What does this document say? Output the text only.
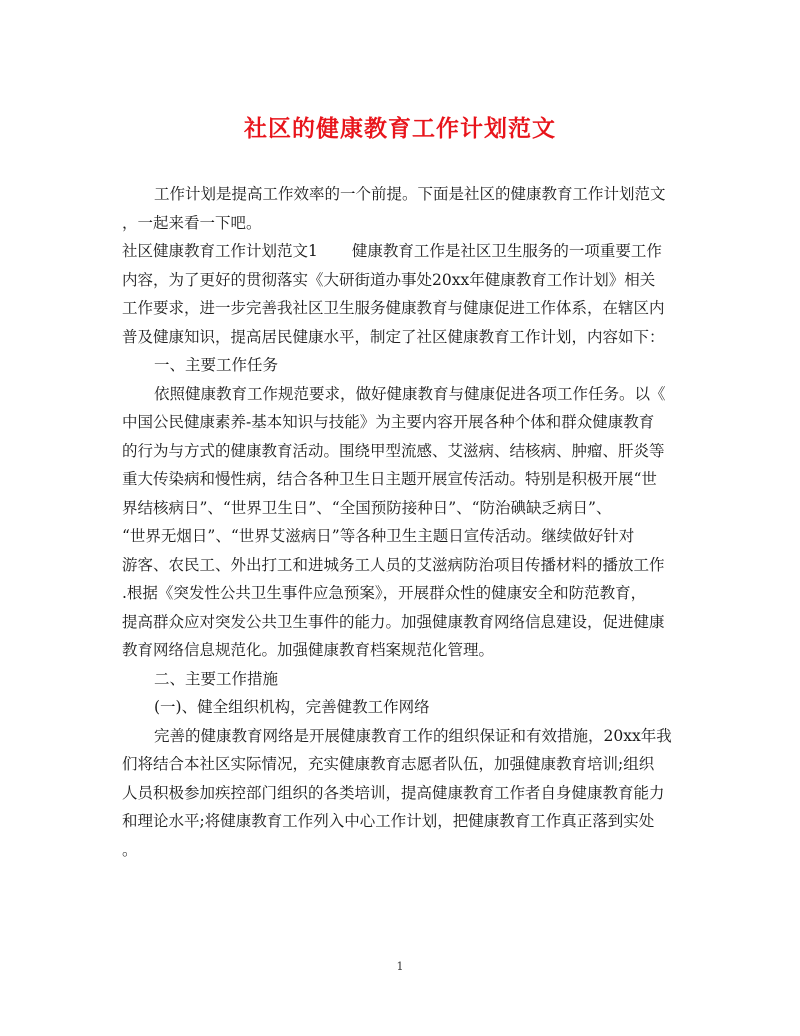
社区的健康教育工作计划范文
工作计划是提高工作效率的一个前提。下面是社区的健康教育工作计划范文
，一起来看一下吧。
社区健康教育工作计划范文1 健康教育工作是社区卫生服务的一项重要工作
内容，为了更好的贯彻落实《大研街道办事处20xx年健康教育工作计划》相关
工作要求，进一步完善我社区卫生服务健康教育与健康促进工作体系，在辖区内
普及健康知识，提高居民健康水平，制定了社区健康教育工作计划，内容如下：
一、主要工作任务
依照健康教育工作规范要求，做好健康教育与健康促进各项工作任务。以《
中国公民健康素养-基本知识与技能》为主要内容开展各种个体和群众健康教育
的行为与方式的健康教育活动。围绕甲型流感、艾滋病、结核病、肿瘤、肝炎等
重大传染病和慢性病，结合各种卫生日主题开展宣传活动。特别是积极开展“世
界结核病日”、“世界卫生日”、“全国预防接种日”、“防治碘缺乏病日”、
“世界无烟日”、“世界艾滋病日”等各种卫生主题日宣传活动。继续做好针对
游客、农民工、外出打工和进城务工人员的艾滋病防治项目传播材料的播放工作
.根据《突发性公共卫生事件应急预案》，开展群众性的健康安全和防范教育，
提高群众应对突发公共卫生事件的能力。加强健康教育网络信息建设，促进健康
教育网络信息规范化。加强健康教育档案规范化管理。
二、主要工作措施
(一)、健全组织机构，完善健教工作网络
完善的健康教育网络是开展健康教育工作的组织保证和有效措施，20xx年我
们将结合本社区实际情况，充实健康教育志愿者队伍，加强健康教育培训;组织
人员积极参加疾控部门组织的各类培训，提高健康教育工作者自身健康教育能力
和理论水平;将健康教育工作列入中心工作计划，把健康教育工作真正落到实处
。
1
